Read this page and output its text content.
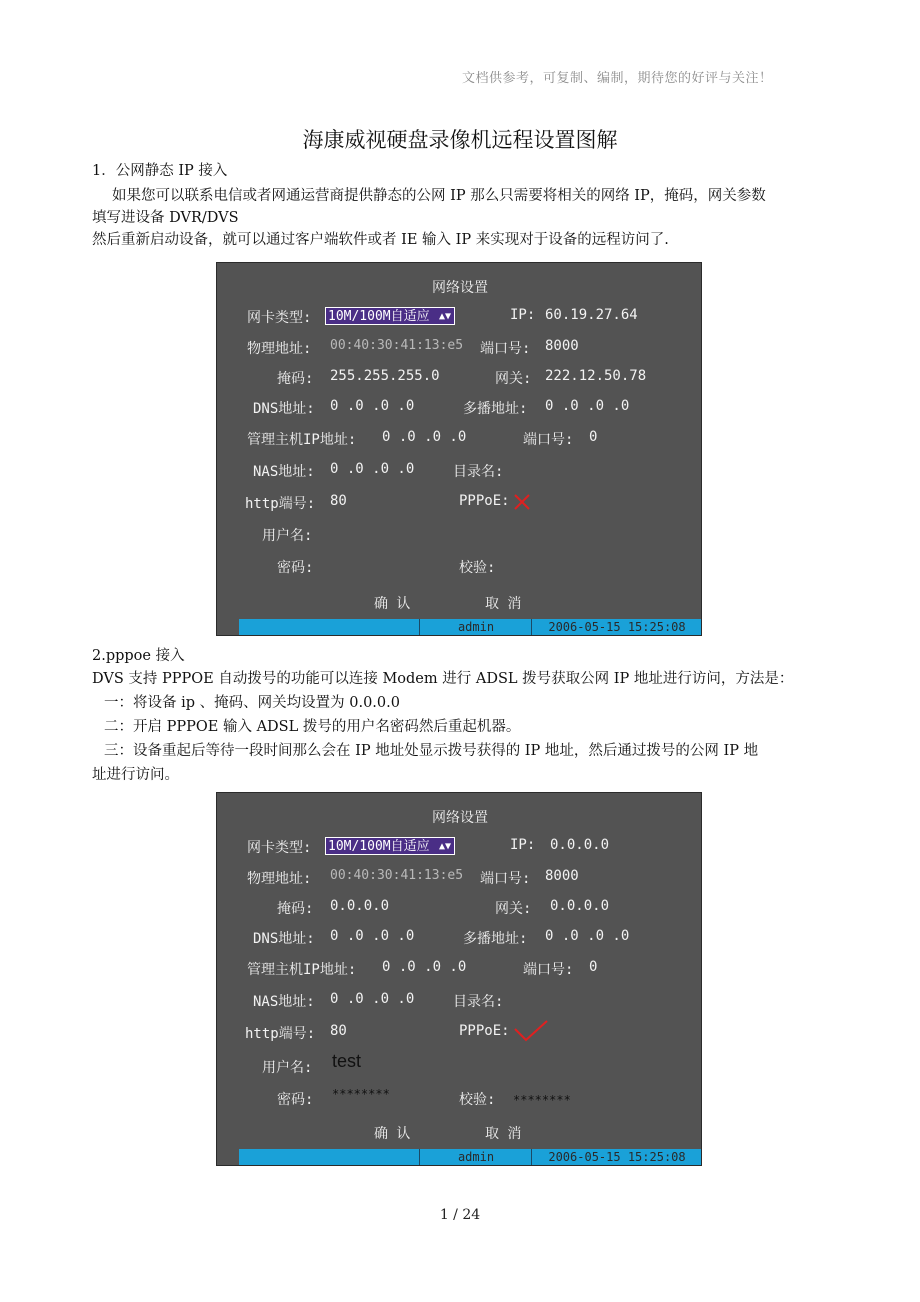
文档供参考，可复制、编制，期待您的好评与关注！
海康威视硬盘录像机远程设置图解
1．公网静态 IP 接入
如果您可以联系电信或者网通运营商提供静态的公网 IP 那么只需要将相关的网络 IP，掩码，网关参数
填写进设备 DVR/DVS
然后重新启动设备，就可以通过客户端软件或者 IE 输入 IP 来实现对于设备的远程访问了.
网络设置
网卡类型: 10M/100M自适应 ▲▼	IP: 60.19.27.64
物理地址: 00:40:30:41:13:e5 端口号: 8000
掩码: 255.255.255.0	网关: 222.12.50.78
DNS地址: 0 .0 .0 .0	多播地址: 0 .0 .0 .0
管理主机IP地址: 0 .0 .0 .0	端口号: 0
NAS地址: 0 .0 .0 .0	目录名:
http端号: 80	PPPoE:
用户名:
密码:	校验:
确 认	取 消
admin	2006-05-15 15:25:08
2.pppoe 接入
DVS 支持 PPPOE 自动拨号的功能可以连接 Modem 进行 ADSL 拨号获取公网 IP 地址进行访问，方法是：
一：将设备 ip 、掩码、网关均设置为 0.0.0.0
二：开启 PPPOE 输入 ADSL 拨号的用户名密码然后重起机器。
三：设备重起后等待一段时间那么会在 IP 地址处显示拨号获得的 IP 地址，然后通过拨号的公网 IP 地
址进行访问。
网络设置
网卡类型: 10M/100M自适应 ▲▼	IP: 0.0.0.0
物理地址: 00:40:30:41:13:e5 端口号: 8000
掩码: 0.0.0.0	网关: 0.0.0.0
DNS地址: 0 .0 .0 .0	多播地址: 0 .0 .0 .0
管理主机IP地址: 0 .0 .0 .0	端口号: 0
NAS地址: 0 .0 .0 .0	目录名:
http端号: 80	PPPoE:
用户名: test
密码: ********	校验: ********
确 认	取 消
admin	2006-05-15 15:25:08
1 / 24
